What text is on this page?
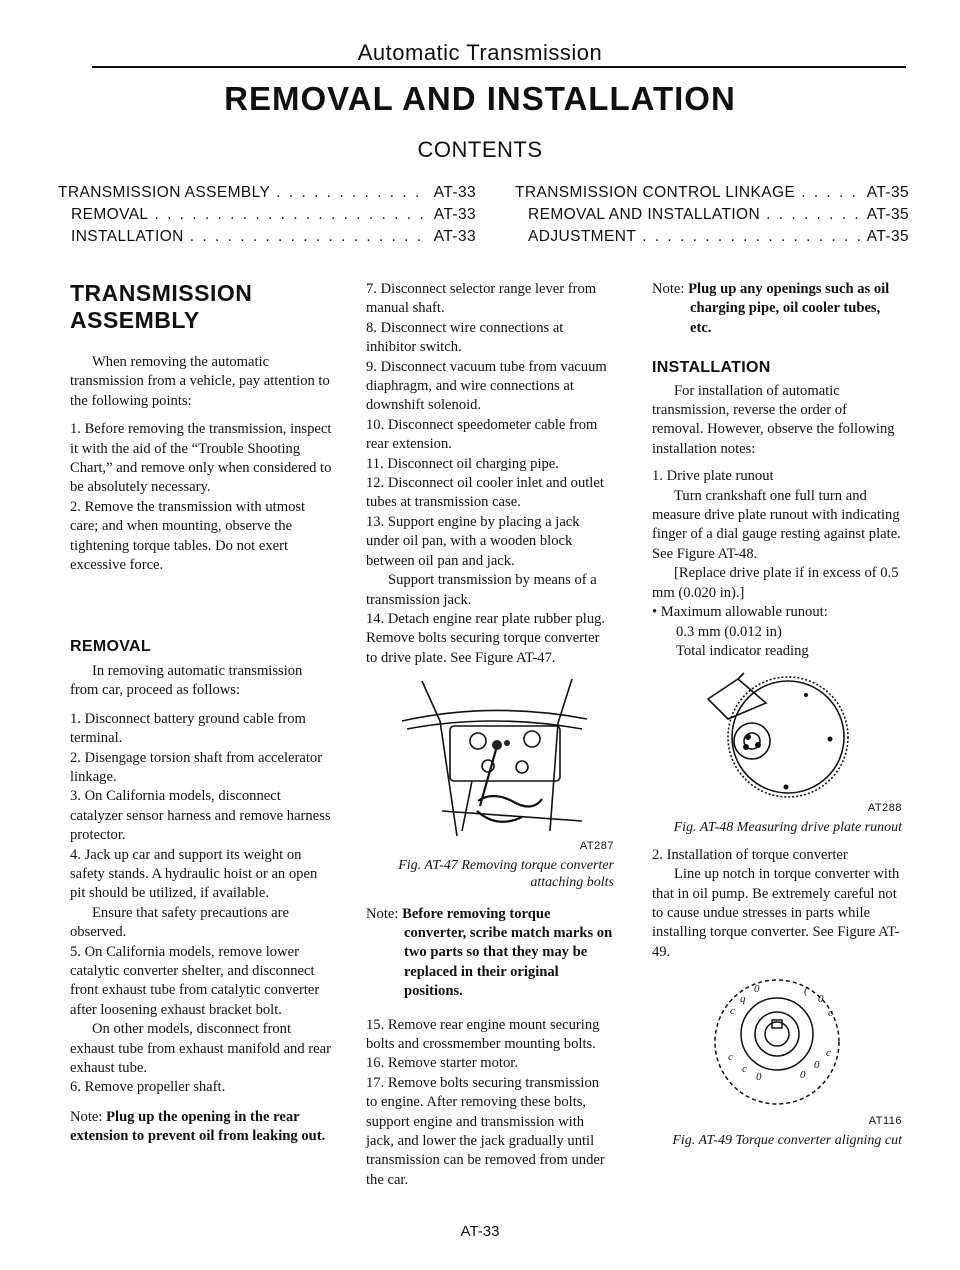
Automatic Transmission
REMOVAL AND INSTALLATION
CONTENTS
TRANSMISSION ASSEMBLY . . .	AT-33
REMOVAL . . .	AT-33
INSTALLATION . . .	AT-33
TRANSMISSION CONTROL LINKAGE . . .	AT-35
REMOVAL AND INSTALLATION . . .	AT-35
ADJUSTMENT . . .	AT-35
TRANSMISSION ASSEMBLY

When removing the automatic transmission from a vehicle, pay attention to the following points:

1. Before removing the transmission, inspect it with the aid of the “Trouble Shooting Chart,” and remove only when considered to be absolutely necessary.

2. Remove the transmission with utmost care; and when mounting, observe the tightening torque tables. Do not exert excessive force.

REMOVAL

In removing automatic transmission from car, proceed as follows:

1. Disconnect battery ground cable from terminal.

2. Disengage torsion shaft from accelerator linkage.

3. On California models, disconnect catalyzer sensor harness and remove harness protector.

4. Jack up car and support its weight on safety stands. A hydraulic hoist or an open pit should be utilized, if available.

Ensure that safety precautions are observed.

5. On California models, remove lower catalytic converter shelter, and disconnect front exhaust tube from catalytic converter after loosening exhaust bracket bolt.

On other models, disconnect front exhaust tube from exhaust manifold and rear exhaust tube.

6. Remove propeller shaft.

Note: Plug up the opening in the rear extension to prevent oil from leaking out.

7. Disconnect selector range lever from manual shaft.

8. Disconnect wire connections at inhibitor switch.

9. Disconnect vacuum tube from vacuum diaphragm, and wire connections at downshift solenoid.

10. Disconnect speedometer cable from rear extension.

11. Disconnect oil charging pipe.

12. Disconnect oil cooler inlet and outlet tubes at transmission case.

13. Support engine by placing a jack under oil pan, with a wooden block between oil pan and jack.

Support transmission by means of a transmission jack.

14. Detach engine rear plate rubber plug. Remove bolts securing torque converter to drive plate. See Figure AT-47.

AT287
Fig. AT-47 Removing torque converter attaching bolts

Note: Before removing torque converter, scribe match marks on two parts so that they may be replaced in their original positions.

15. Remove rear engine mount securing bolts and crossmember mounting bolts.

16. Remove starter motor.

17. Remove bolts securing transmission to engine. After removing these bolts, support engine and transmission with jack, and lower the jack gradually until transmission can be removed from under the car.

Note: Plug up any openings such as oil charging pipe, oil cooler tubes, etc.

INSTALLATION

For installation of automatic transmission, reverse the order of removal. However, observe the following installation notes:

1. Drive plate runout

Turn crankshaft one full turn and measure drive plate runout with indicating finger of a dial gauge resting against plate. See Figure AT-48.

[Replace drive plate if in excess of 0.5 mm (0.020 in).]

• Maximum allowable runout:

0.3 mm (0.012 in)

Total indicator reading

AT288
Fig. AT-48 Measuring drive plate runout

2. Installation of torque converter

Line up notch in torque converter with that in oil pump. Be extremely careful not to cause undue stresses in parts while installing torque converter. See Figure AT-49.

c
q
0	(
0
c
c
c
0	0
0
c
AT116
Fig. AT-49 Torque converter aligning cut
AT-33
